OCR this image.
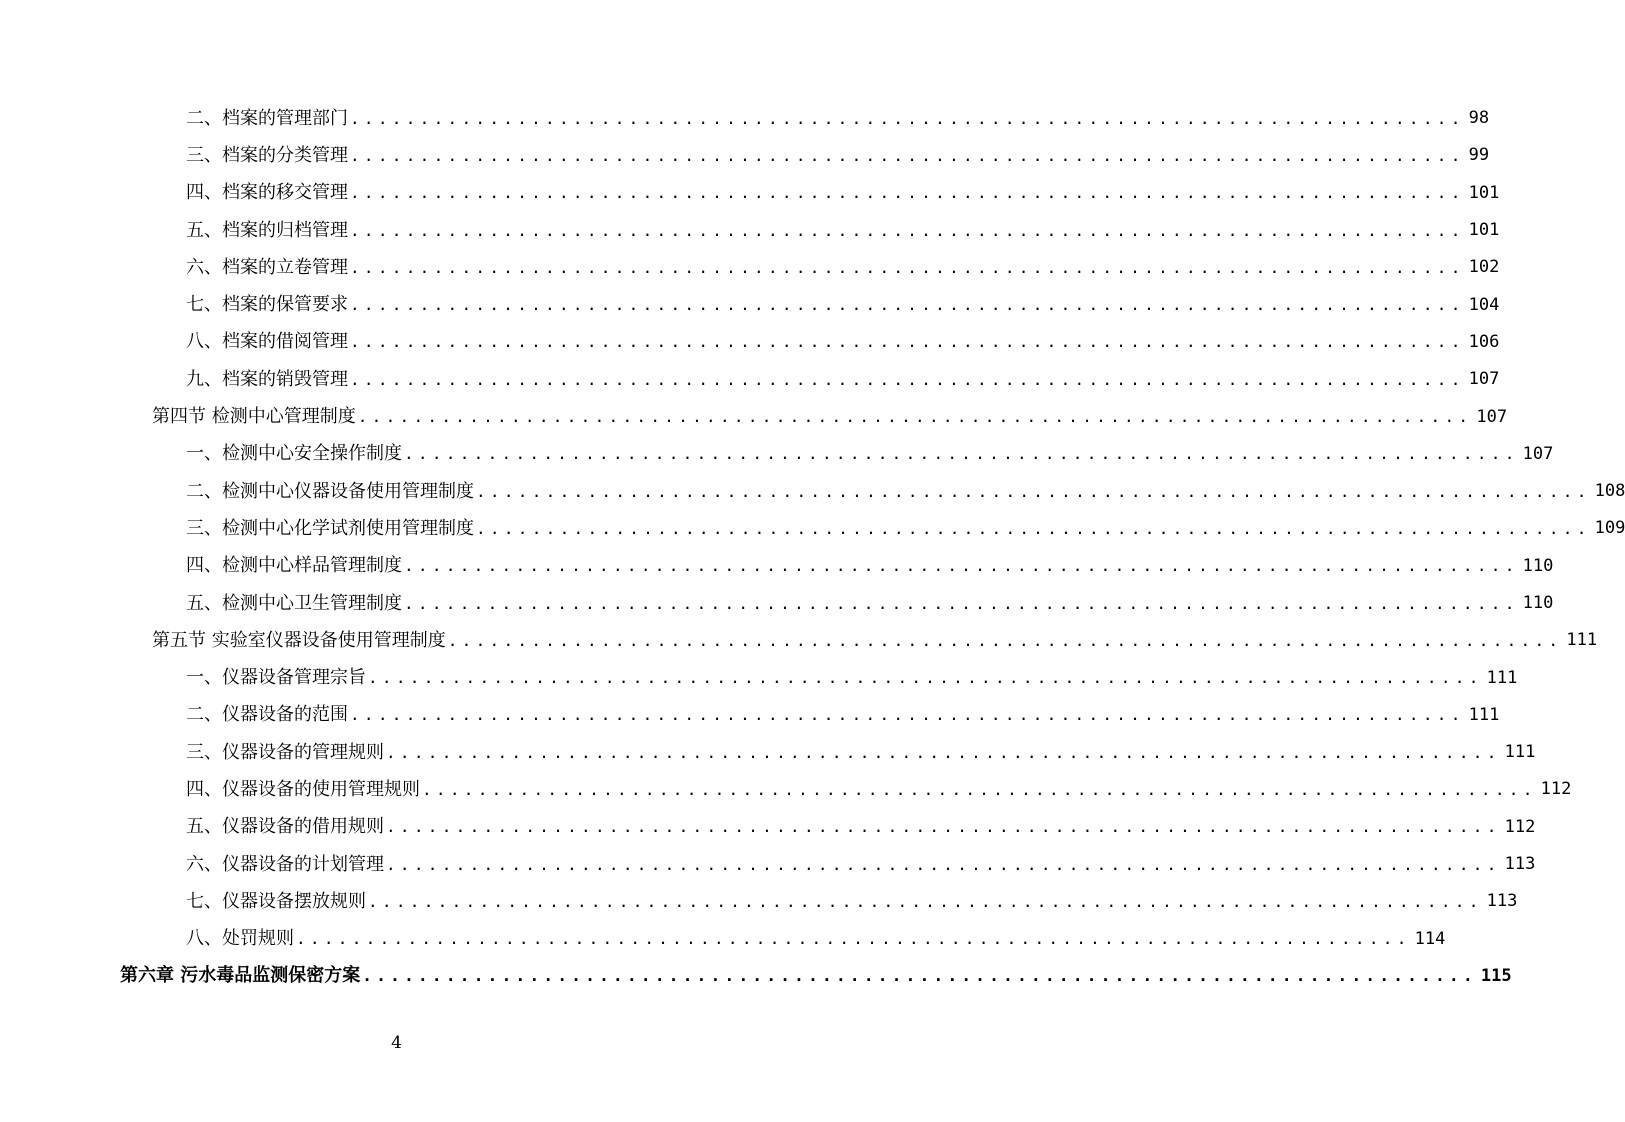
二、档案的管理部门 ................................................................................ 98
三、档案的分类管理 ................................................................................ 99
四、档案的移交管理 ................................................................................ 101
五、档案的归档管理 ................................................................................ 101
六、档案的立卷管理 ................................................................................ 102
七、档案的保管要求 ................................................................................ 104
八、档案的借阅管理 ................................................................................ 106
九、档案的销毁管理 ................................................................................ 107
第四节 检测中心管理制度 ................................................................................ 107
一、检测中心安全操作制度 ................................................................................ 107
二、检测中心仪器设备使用管理制度 ................................................................................ 108
三、检测中心化学试剂使用管理制度 ................................................................................ 109
四、检测中心样品管理制度 ................................................................................ 110
五、检测中心卫生管理制度 ................................................................................ 110
第五节 实验室仪器设备使用管理制度 ................................................................................ 111
一、仪器设备管理宗旨 ................................................................................ 111
二、仪器设备的范围 ................................................................................ 111
三、仪器设备的管理规则 ................................................................................ 111
四、仪器设备的使用管理规则 ................................................................................ 112
五、仪器设备的借用规则 ................................................................................ 112
六、仪器设备的计划管理 ................................................................................ 113
七、仪器设备摆放规则 ................................................................................ 113
八、处罚规则 ................................................................................ 114
第六章 污水毒品监测保密方案 ................................................................................ 115
4
